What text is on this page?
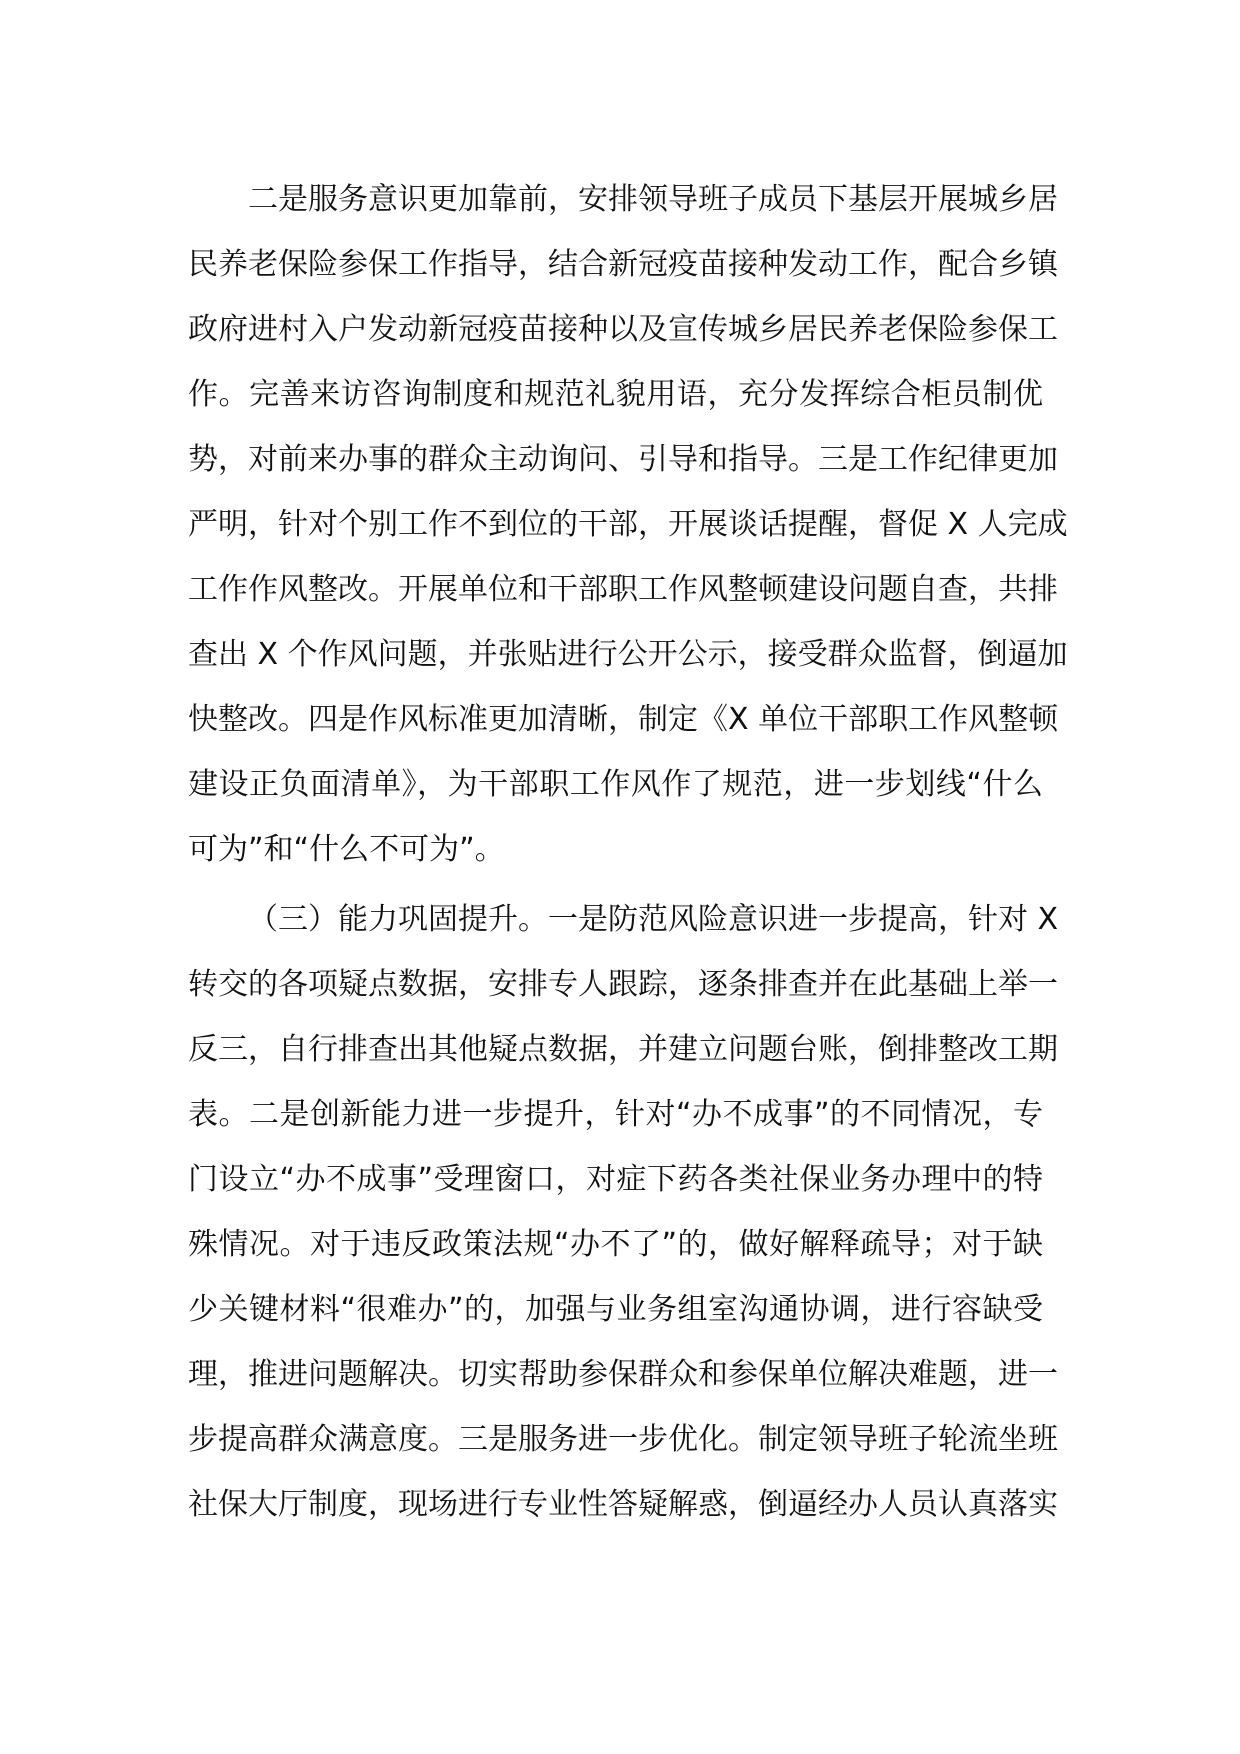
二是服务意识更加靠前，安排领导班子成员下基层开展城乡居
民养老保险参保工作指导，结合新冠疫苗接种发动工作，配合乡镇
政府进村入户发动新冠疫苗接种以及宣传城乡居民养老保险参保工
作。完善来访咨询制度和规范礼貌用语，充分发挥综合柜员制优
势，对前来办事的群众主动询问、引导和指导。三是工作纪律更加
严明，针对个别工作不到位的干部，开展谈话提醒，督促 X 人完成
工作作风整改。开展单位和干部职工作风整顿建设问题自查，共排
查出 X 个作风问题，并张贴进行公开公示，接受群众监督，倒逼加
快整改。四是作风标准更加清晰，制定《X 单位干部职工作风整顿
建设正负面清单》，为干部职工作风作了规范，进一步划线“什么
可为”和“什么不可为”。
（三）能力巩固提升。一是防范风险意识进一步提高，针对 X
转交的各项疑点数据，安排专人跟踪，逐条排查并在此基础上举一
反三，自行排查出其他疑点数据，并建立问题台账，倒排整改工期
表。二是创新能力进一步提升，针对“办不成事”的不同情况，专
门设立“办不成事”受理窗口，对症下药各类社保业务办理中的特
殊情况。对于违反政策法规“办不了”的，做好解释疏导；对于缺
少关键材料“很难办”的，加强与业务组室沟通协调，进行容缺受
理，推进问题解决。切实帮助参保群众和参保单位解决难题，进一
步提高群众满意度。三是服务进一步优化。制定领导班子轮流坐班
社保大厅制度，现场进行专业性答疑解惑，倒逼经办人员认真落实
